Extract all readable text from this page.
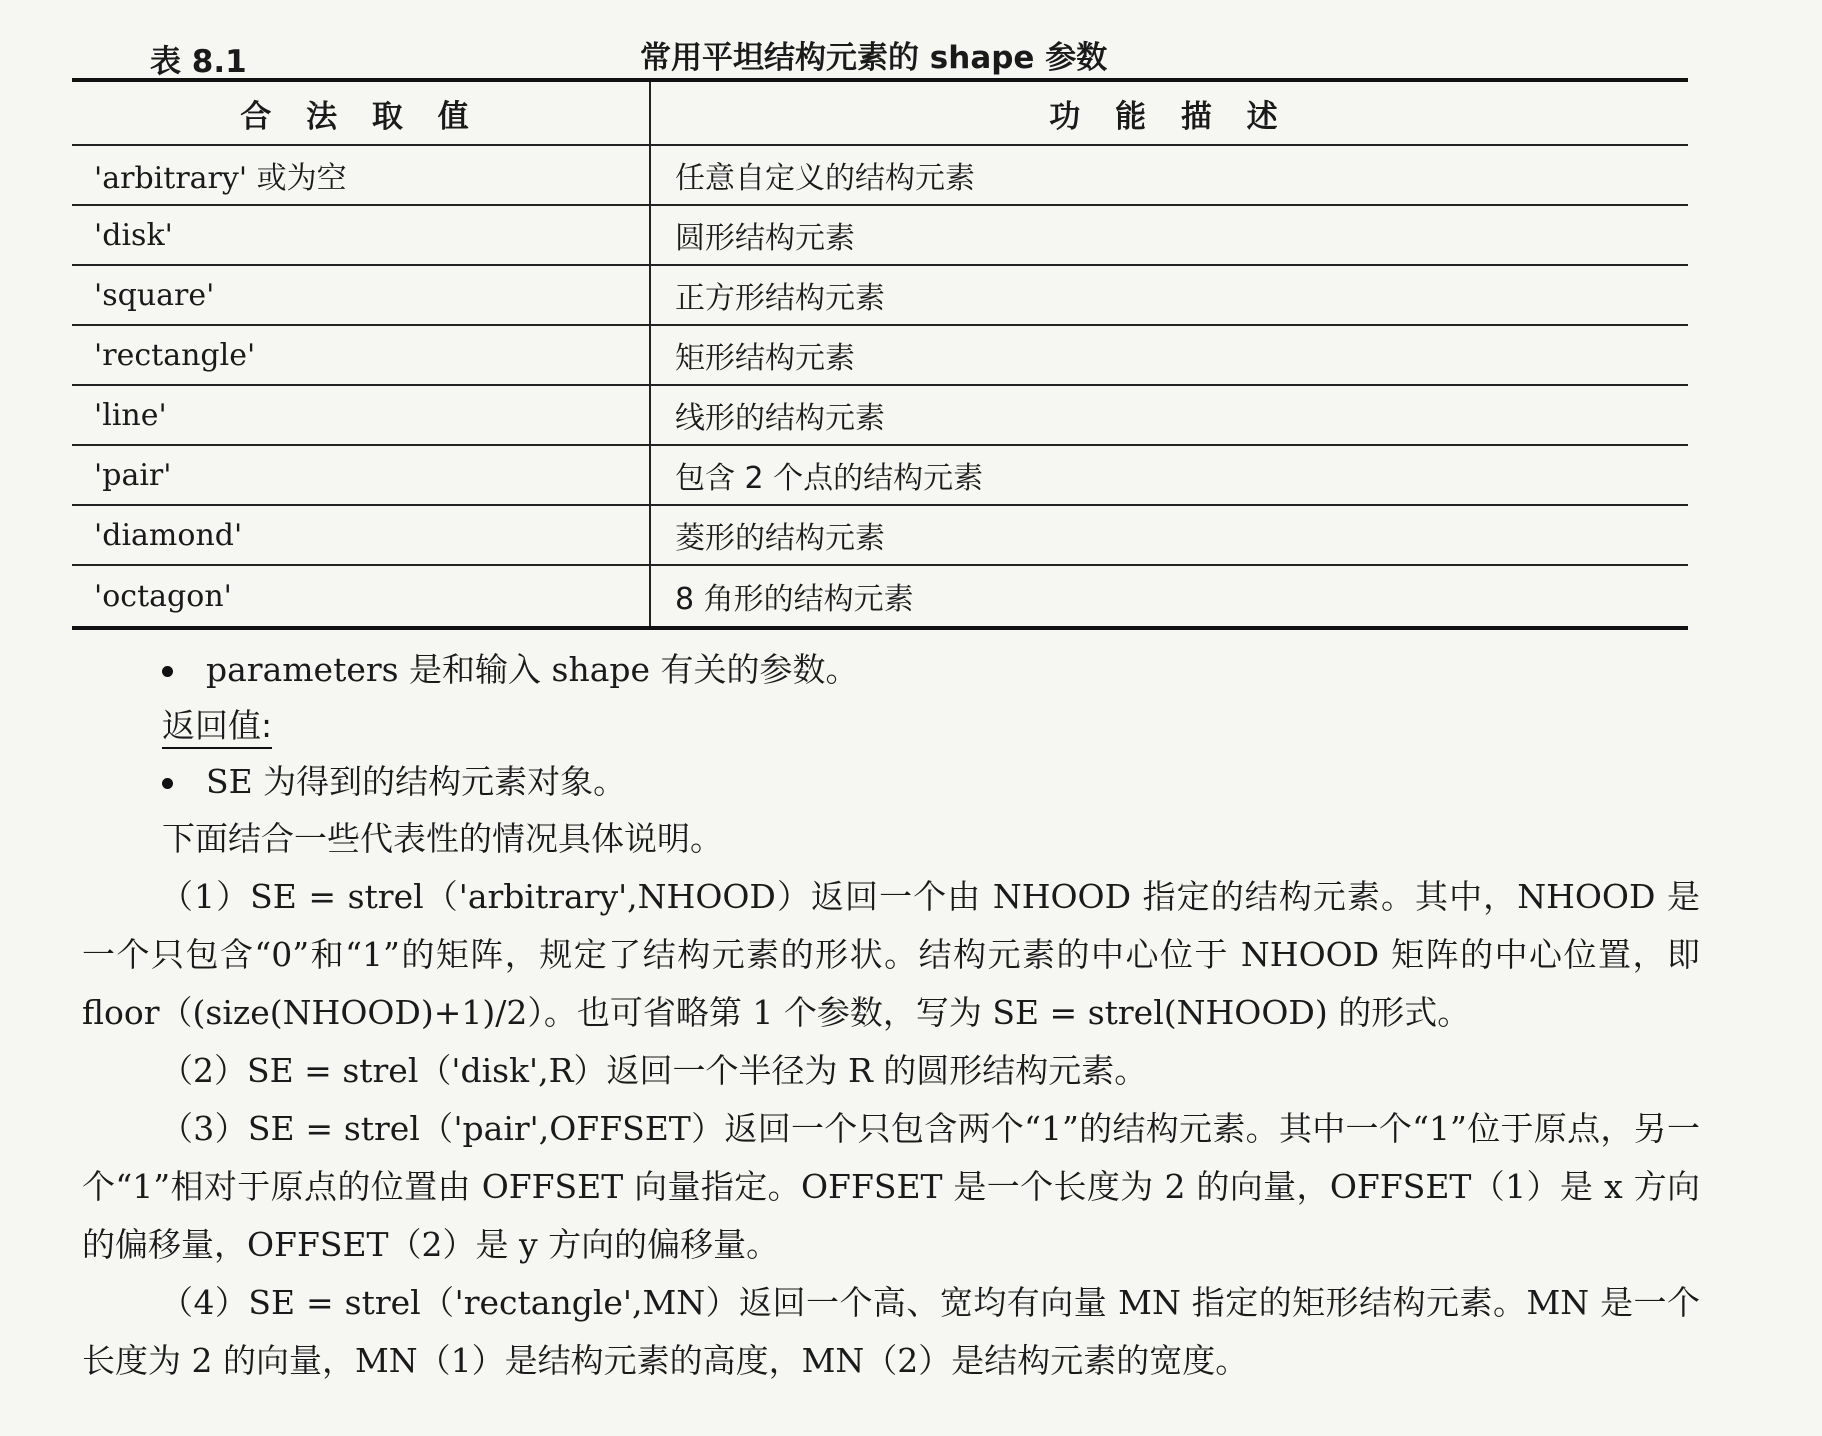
表 8.1	常用平坦结构元素的 shape 参数
合 法 取 值	功 能 描 述
'arbitrary' 或为空	任意自定义的结构元素
'disk'	圆形结构元素
'square'	正方形结构元素
'rectangle'	矩形结构元素
'line'	线形的结构元素
'pair'	包含 2 个点的结构元素
'diamond'	菱形的结构元素
'octagon'	8 角形的结构元素
parameters 是和输入 shape 有关的参数。
返回值:
SE 为得到的结构元素对象。
下面结合一些代表性的情况具体说明。
（1）SE = strel（'arbitrary',NHOOD）返回一个由 NHOOD 指定的结构元素。其中，NHOOD 是一个只包含“0”和“1”的矩阵，规定了结构元素的形状。结构元素的中心位于 NHOOD 矩阵的中心位置，即 floor（(size(NHOOD)+1)/2）。也可省略第 1 个参数，写为 SE = strel(NHOOD) 的形式。
（2）SE = strel（'disk',R）返回一个半径为 R 的圆形结构元素。
（3）SE = strel（'pair',OFFSET）返回一个只包含两个“1”的结构元素。其中一个“1”位于原点，另一个“1”相对于原点的位置由 OFFSET 向量指定。OFFSET 是一个长度为 2 的向量，OFFSET（1）是 x 方向的偏移量，OFFSET（2）是 y 方向的偏移量。
（4）SE = strel（'rectangle',MN）返回一个高、宽均有向量 MN 指定的矩形结构元素。MN 是一个长度为 2 的向量，MN（1）是结构元素的高度，MN（2）是结构元素的宽度。
